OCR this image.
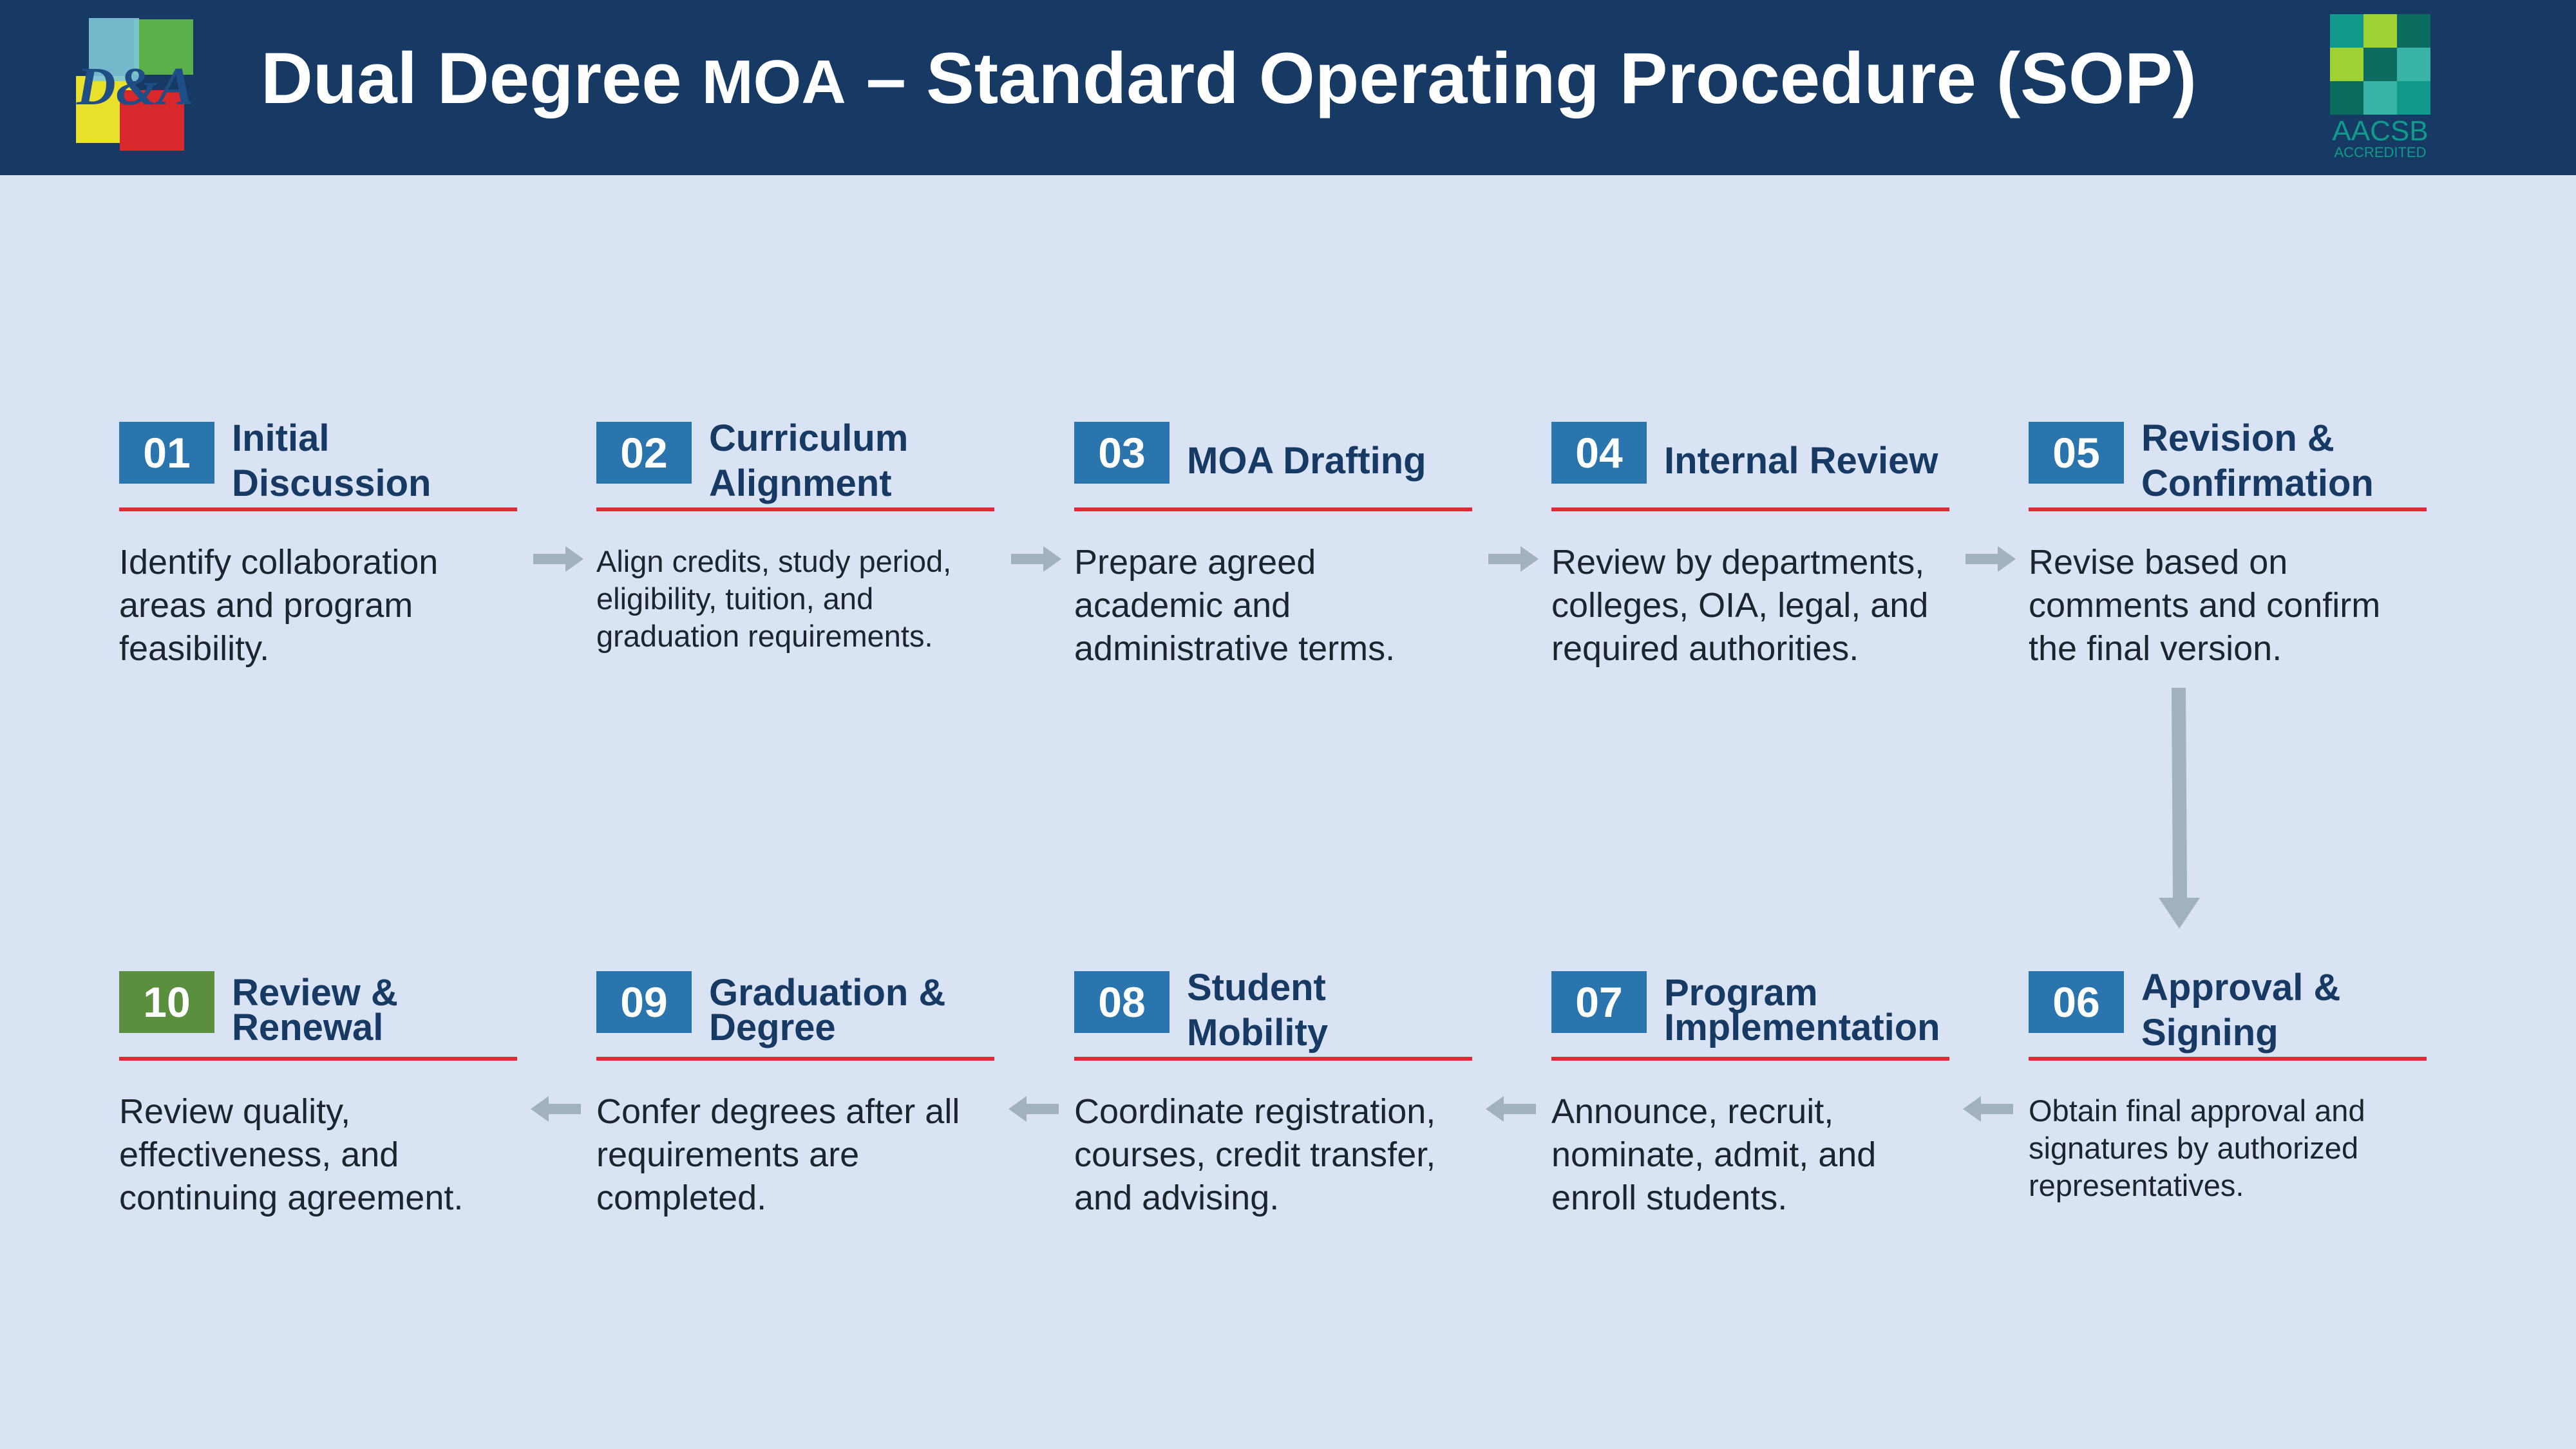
D&A Dual Degree MOA – Standard Operating Procedure (SOP)
AACSB
ACCREDITED
01	Initial Discussion
Identify collaboration areas and program feasibility.
02	Curriculum Alignment
Align credits, study period, eligibility, tuition, and graduation requirements.
03	MOA Drafting
Prepare agreed academic and administrative terms.
04	Internal Review
Review by departments, colleges, OIA, legal, and required authorities.
05	Revision & Confirmation
Revise based on comments and confirm the final version.
10	Review & Renewal
Review quality, effectiveness, and continuing agreement.
09	Graduation & Degree
Confer degrees after all requirements are completed.
08	Student Mobility
Coordinate registration, courses, credit transfer, and advising.
07	Program Implementation
Announce, recruit, nominate, admit, and enroll students.
06	Approval & Signing
Obtain final approval and signatures by authorized representatives.
